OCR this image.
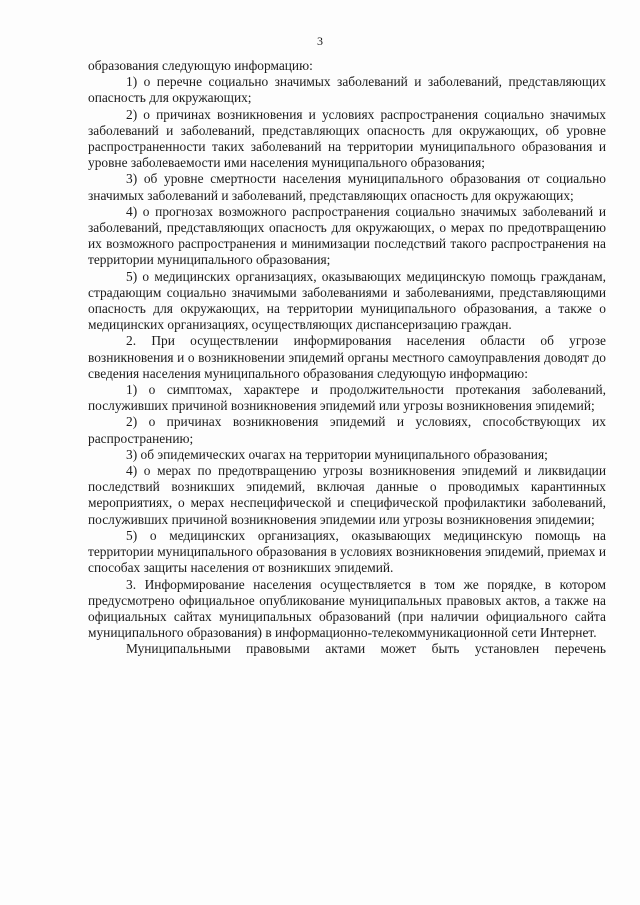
3

образования следующую информацию:

1) о перечне социально значимых заболеваний и заболеваний, представляющих опасность для окружающих;

2) о причинах возникновения и условиях распространения социально значимых заболеваний и заболеваний, представляющих опасность для окружающих, об уровне распространенности таких заболеваний на территории муниципального образования и уровне заболеваемости ими населения муниципального образования;

3) об уровне смертности населения муниципального образования от социально значимых заболеваний и заболеваний, представляющих опасность для окружающих;

4) о прогнозах возможного распространения социально значимых заболеваний и заболеваний, представляющих опасность для окружающих, о мерах по предотвращению их возможного распространения и минимизации последствий такого распространения на территории муниципального образования;

5) о медицинских организациях, оказывающих медицинскую помощь гражданам, страдающим социально значимыми заболеваниями и заболеваниями, представляющими опасность для окружающих, на территории муниципального образования, а также о медицинских организациях, осуществляющих диспансеризацию граждан.

2. При осуществлении информирования населения области об угрозе возникновения и о возникновении эпидемий органы местного самоуправления доводят до сведения населения муниципального образования следующую информацию:

1) о симптомах, характере и продолжительности протекания заболеваний, послуживших причиной возникновения эпидемий или угрозы возникновения эпидемий;

2) о причинах возникновения эпидемий и условиях, способствующих их распространению;

3) об эпидемических очагах на территории муниципального образования;

4) о мерах по предотвращению угрозы возникновения эпидемий и ликвидации последствий возникших эпидемий, включая данные о проводимых карантинных мероприятиях, о мерах неспецифической и специфической профилактики заболеваний, послуживших причиной возникновения эпидемии или угрозы возникновения эпидемии;

5) о медицинских организациях, оказывающих медицинскую помощь на территории муниципального образования в условиях возникновения эпидемий, приемах и способах защиты населения от возникших эпидемий.

3. Информирование населения осуществляется в том же порядке, в котором предусмотрено официальное опубликование муниципальных правовых актов, а также на официальных сайтах муниципальных образований (при наличии официального сайта муниципального образования) в информационно-телекоммуникационной сети Интернет.

Муниципальными правовыми актами может быть установлен перечень
